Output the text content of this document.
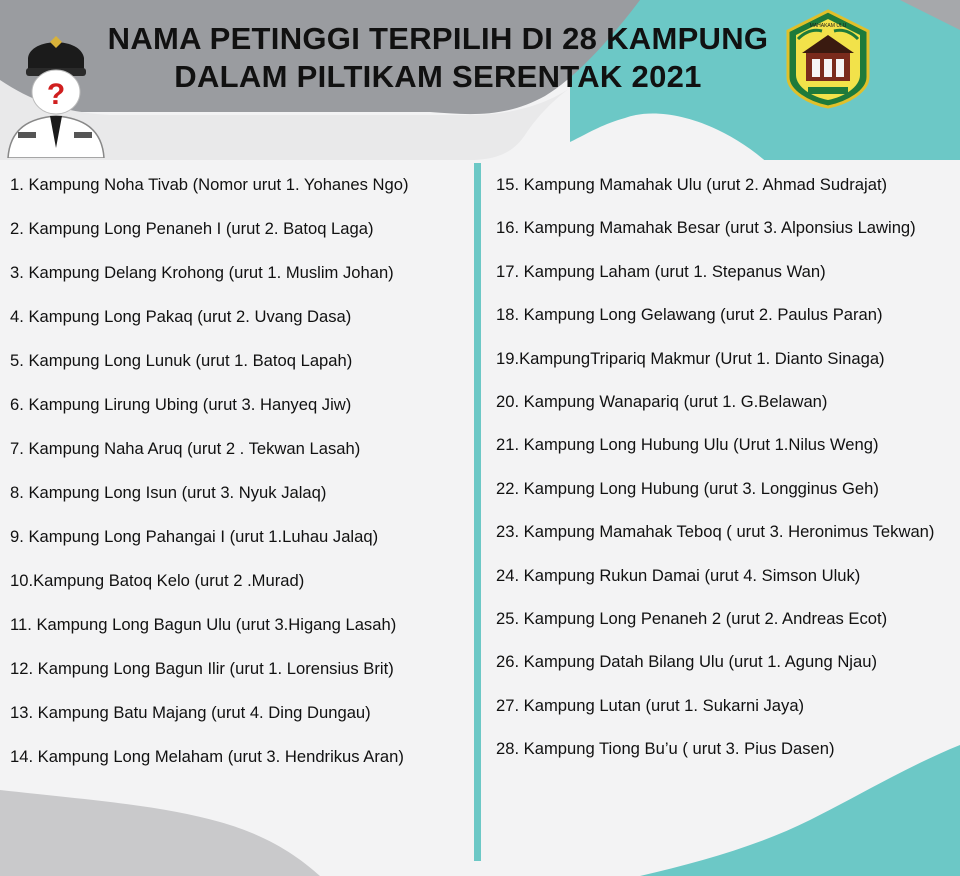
?
MAHAKAM ULU
NAMA PETINGGI TERPILIH DI 28 KAMPUNG
DALAM PILTIKAM SERENTAK 2021
1. Kampung Noha Tivab (Nomor urut 1. Yohanes Ngo)
2. Kampung Long Penaneh I (urut 2. Batoq Laga)
3. Kampung Delang Krohong (urut 1. Muslim Johan)
4. Kampung Long Pakaq (urut 2. Uvang Dasa)
5. Kampung Long Lunuk (urut 1. Batoq Lapah)
6. Kampung Lirung Ubing (urut 3. Hanyeq Jiw)
7. Kampung Naha Aruq (urut 2 . Tekwan Lasah)
8. Kampung Long Isun (urut 3. Nyuk Jalaq)
9. Kampung Long Pahangai I (urut 1.Luhau Jalaq)
10.Kampung Batoq Kelo (urut 2 .Murad)
11. Kampung Long Bagun Ulu (urut 3.Higang Lasah)
12. Kampung Long Bagun Ilir (urut 1. Lorensius Brit)
13. Kampung Batu Majang (urut 4. Ding Dungau)
14. Kampung Long Melaham (urut 3. Hendrikus Aran)
15. Kampung Mamahak Ulu (urut 2. Ahmad Sudrajat)
16. Kampung Mamahak Besar (urut 3. Alponsius Lawing)
17. Kampung Laham (urut 1. Stepanus Wan)
18. Kampung Long Gelawang (urut 2. Paulus Paran)
19.KampungTripariq Makmur (Urut 1. Dianto Sinaga)
20. Kampung Wanapariq (urut 1. G.Belawan)
21. Kampung Long Hubung Ulu (Urut 1.Nilus Weng)
22. Kampung Long Hubung (urut 3. Longginus Geh)
23. Kampung Mamahak Teboq ( urut 3. Heronimus Tekwan)
24. Kampung Rukun Damai (urut 4. Simson Uluk)
25. Kampung Long Penaneh 2 (urut 2. Andreas Ecot)
26. Kampung Datah Bilang Ulu (urut 1. Agung Njau)
27. Kampung Lutan (urut 1. Sukarni Jaya)
28. Kampung Tiong Bu’u ( urut 3. Pius Dasen)
